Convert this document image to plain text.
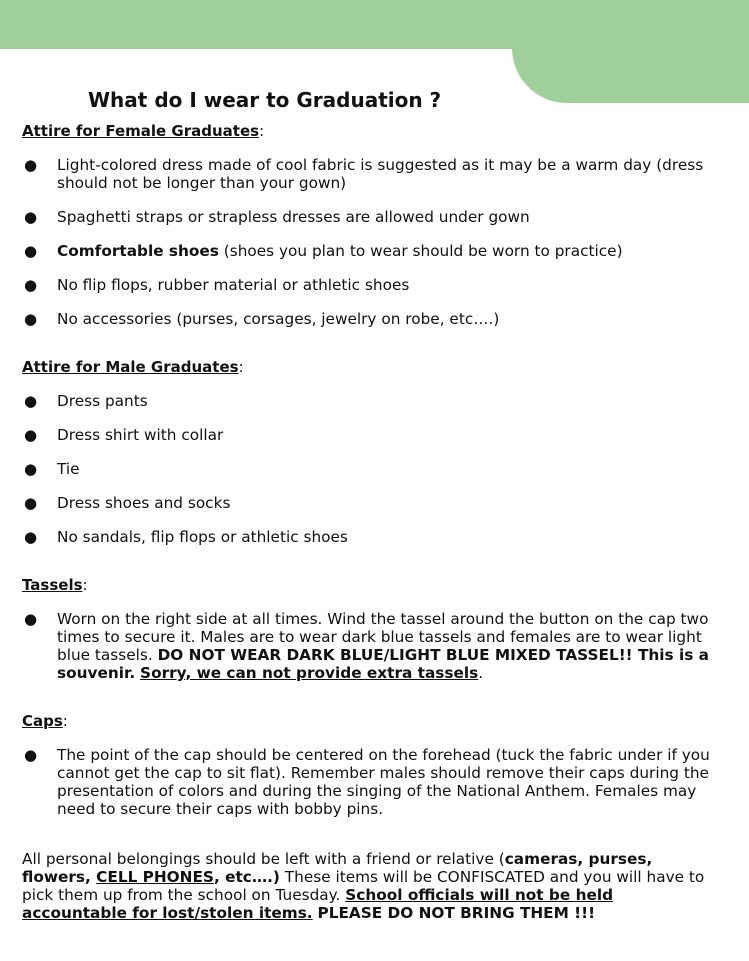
What do I wear to Graduation ?

Attire for Female Graduates:

● Light-colored dress made of cool fabric is suggested as it may be a warm day (dress should not be longer than your gown)
● Spaghetti straps or strapless dresses are allowed under gown
● Comfortable shoes (shoes you plan to wear should be worn to practice)
● No flip flops, rubber material or athletic shoes
● No accessories (purses, corsages, jewelry on robe, etc….)

Attire for Male Graduates:

● Dress pants
● Dress shirt with collar
● Tie
● Dress shoes and socks
● No sandals, flip flops or athletic shoes

Tassels:

● Worn on the right side at all times. Wind the tassel around the button on the cap two times to secure it. Males are to wear dark blue tassels and females are to wear light blue tassels. DO NOT WEAR DARK BLUE/LIGHT BLUE MIXED TASSEL!! This is a souvenir. Sorry, we can not provide extra tassels.

Caps:

● The point of the cap should be centered on the forehead (tuck the fabric under if you cannot get the cap to sit flat). Remember males should remove their caps during the presentation of colors and during the singing of the National Anthem. Females may need to secure their caps with bobby pins.

All personal belongings should be left with a friend or relative (cameras, purses, flowers, CELL PHONES, etc….) These items will be CONFISCATED and you will have to pick them up from the school on Tuesday. School officials will not be held accountable for lost/stolen items. PLEASE DO NOT BRING THEM !!!
